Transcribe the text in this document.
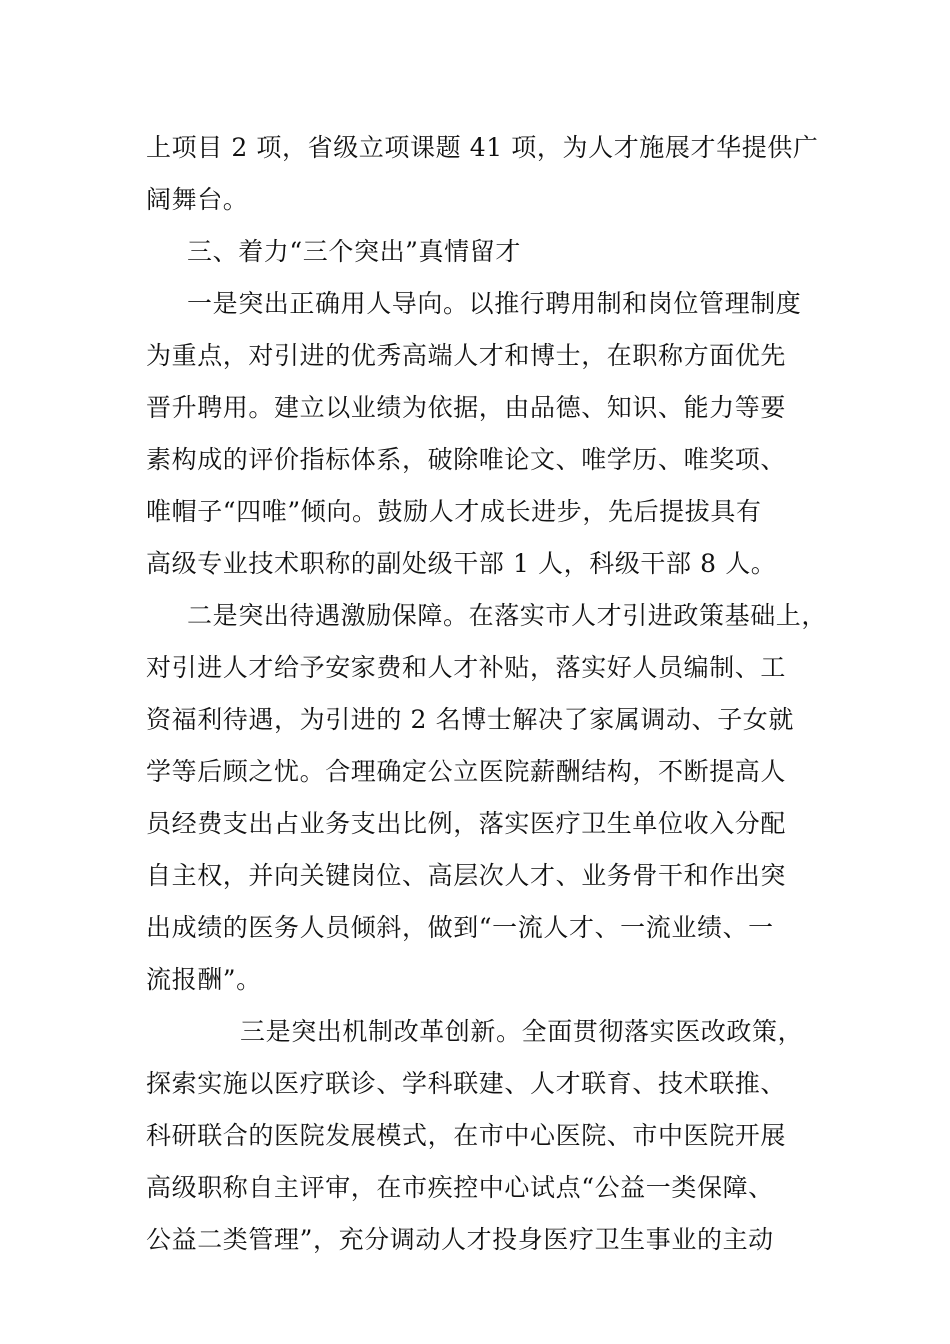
上项目 2 项，省级立项课题 41 项，为人才施展才华提供广
阔舞台。
三、着力“三个突出”真情留才
一是突出正确用人导向。以推行聘用制和岗位管理制度
为重点，对引进的优秀高端人才和博士，在职称方面优先
晋升聘用。建立以业绩为依据，由品德、知识、能力等要
素构成的评价指标体系，破除唯论文、唯学历、唯奖项、
唯帽子“四唯”倾向。鼓励人才成长进步，先后提拔具有
高级专业技术职称的副处级干部 1 人，科级干部 8 人。
二是突出待遇激励保障。在落实市人才引进政策基础上，
对引进人才给予安家费和人才补贴，落实好人员编制、工
资福利待遇，为引进的 2 名博士解决了家属调动、子女就
学等后顾之忧。合理确定公立医院薪酬结构，不断提高人
员经费支出占业务支出比例，落实医疗卫生单位收入分配
自主权，并向关键岗位、高层次人才、业务骨干和作出突
出成绩的医务人员倾斜，做到“一流人才、一流业绩、一
流报酬”。
三是突出机制改革创新。全面贯彻落实医改政策，
探索实施以医疗联诊、学科联建、人才联育、技术联推、
科研联合的医院发展模式，在市中心医院、市中医院开展
高级职称自主评审，在市疾控中心试点“公益一类保障、
公益二类管理”，充分调动人才投身医疗卫生事业的主动
